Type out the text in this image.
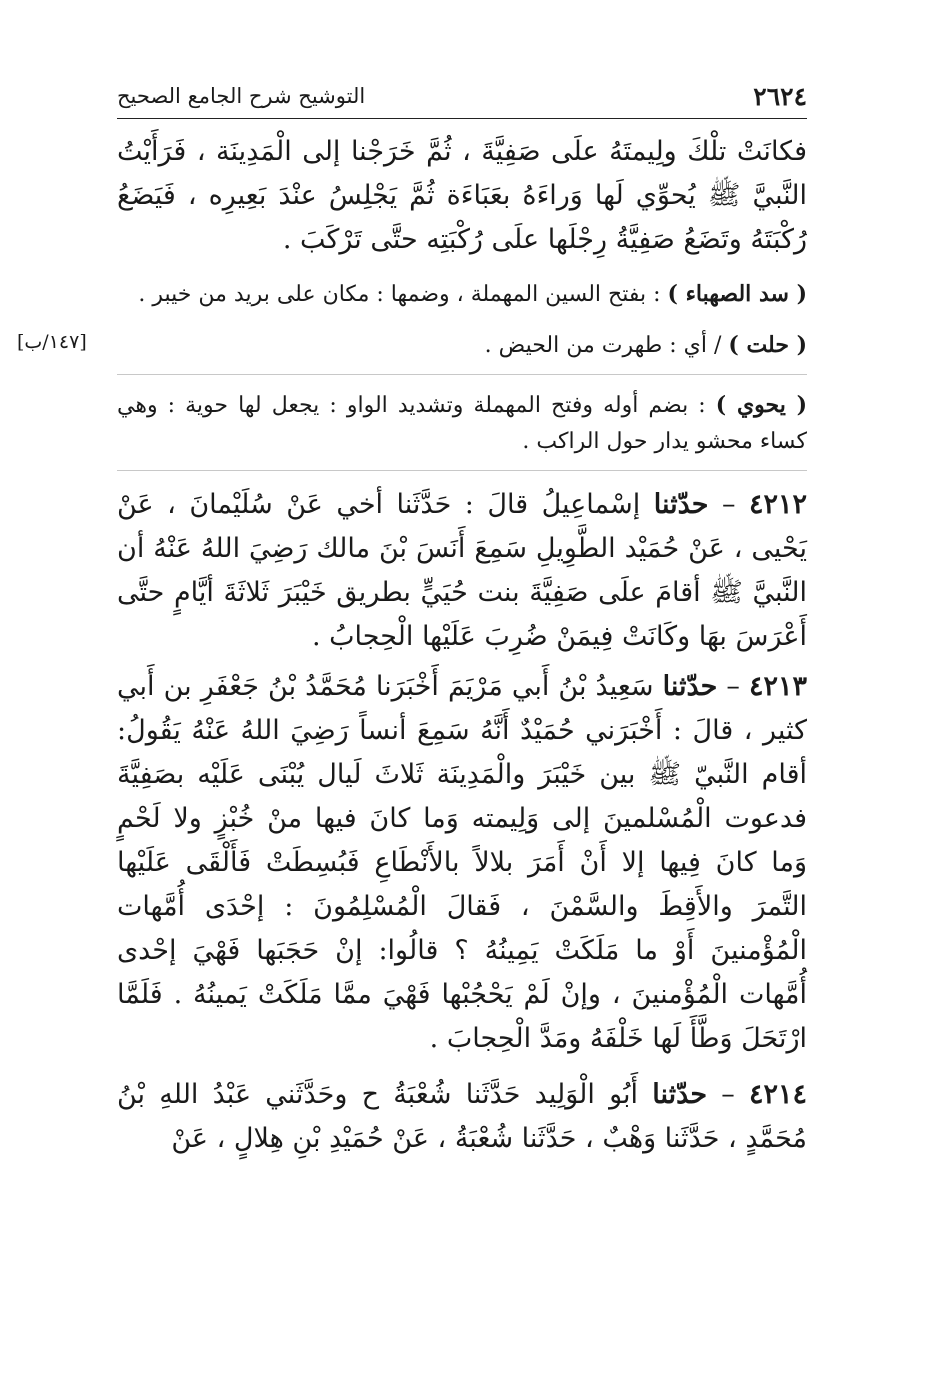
٢٦٢٤
التوشيح شرح الجامع الصحيح

فكانَتْ تلْكَ ولِيمتَهُ علَى صَفِيَّةَ ، ثُمَّ خَرَجْنا إلى الْمَدِينَة ، فَرَأَيْتُ النَّبيَّ ﷺ يُحوِّي لَها وَراءَهُ بعَبَاءَة ثُمَّ يَجْلِسُ عنْدَ بَعِيرِه ، فَيَضَعُ رُكْبَتَهُ وتَضَعُ صَفِيَّةُ رِجْلَها علَى رُكْبَتِه حتَّى تَرْكَبَ .

( سد الصهباء ) : بفتح السين المهملة ، وضمها : مكان على بريد من خيبر .

[١٤٧/ب]	( حلت ) / أي : طهرت من الحيض .

( يحوي ) : بضم أوله وفتح المهملة وتشديد الواو : يجعل لها حوية : وهي كساء محشو يدار حول الراكب .

٤٢١٢ – حدّثنا إسْماعِيلُ قالَ : حَدَّثَنا أخي عَنْ سُلَيْمانَ ، عَنْ يَحْيى ، عَنْ حُمَيْد الطَّوِيلِ سَمِعَ أَنَسَ بْنَ مالك رَضِيَ اللهُ عَنْهُ أن النَّبيَّ ﷺ أقامَ علَى صَفِيَّةَ بنت حُيَيٍّ بطريق خَيْبَرَ ثَلاثَةَ أيَّامٍ حتَّى أَعْرَسَ بهَا وكَانَتْ فِيمَنْ ضُرِبَ عَلَيْها الْحِجابُ .

٤٢١٣ – حدّثنا سَعِيدُ بْنُ أَبي مَرْيَمَ أَخْبَرَنا مُحَمَّدُ بْنُ جَعْفَرِ بن أَبي كثير ، قالَ : أَخْبَرَني حُمَيْدٌ أَنَّهُ سَمِعَ أنساً رَضِيَ اللهُ عَنْهُ يَقُولُ: أقام النَّبيّ ﷺ بين خَيْبَرَ والْمَدِينَة ثَلاثَ لَيال يُبْنَى عَلَيْه بصَفِيَّةَ فدعوت الْمُسْلمينَ إلى وَلِيمته وَما كانَ فيها منْ خُبْزٍ ولا لَحْمٍ وَما كانَ فِيها إلا أَنْ أَمَرَ بلالاً بالأَنْطَاعِ فَبُسِطَتْ فَأَلْقَى عَلَيْها التَّمرَ والأَقِطَ والسَّمْنَ ، فَقالَ الْمُسْلِمُونَ : إحْدَى أُمَّهات الْمُؤْمنينَ أَوْ ما مَلَكَتْ يَمِينُهُ ؟ قالُوا: إنْ حَجَبَها فَهْيَ إحْدى أُمَّهات الْمُؤْمنينَ ، وإنْ لَمْ يَحْجُبْها فَهْيَ ممَّا مَلَكَتْ يَمينُهُ . فَلَمَّا ارْتَحَلَ وَطَّأَ لَها خَلْفَهُ ومَدَّ الْحِجابَ .

٤٢١٤ – حدّثنا أَبُو الْوَلِيد حَدَّثَنا شُعْبَةُ ح وحَدَّثَني عَبْدُ اللهِ بْنُ مُحَمَّدٍ ، حَدَّثَنا وَهْبٌ ، حَدَّثَنا شُعْبَةُ ، عَنْ حُمَيْدِ بْنِ هِلالٍ ، عَنْ
